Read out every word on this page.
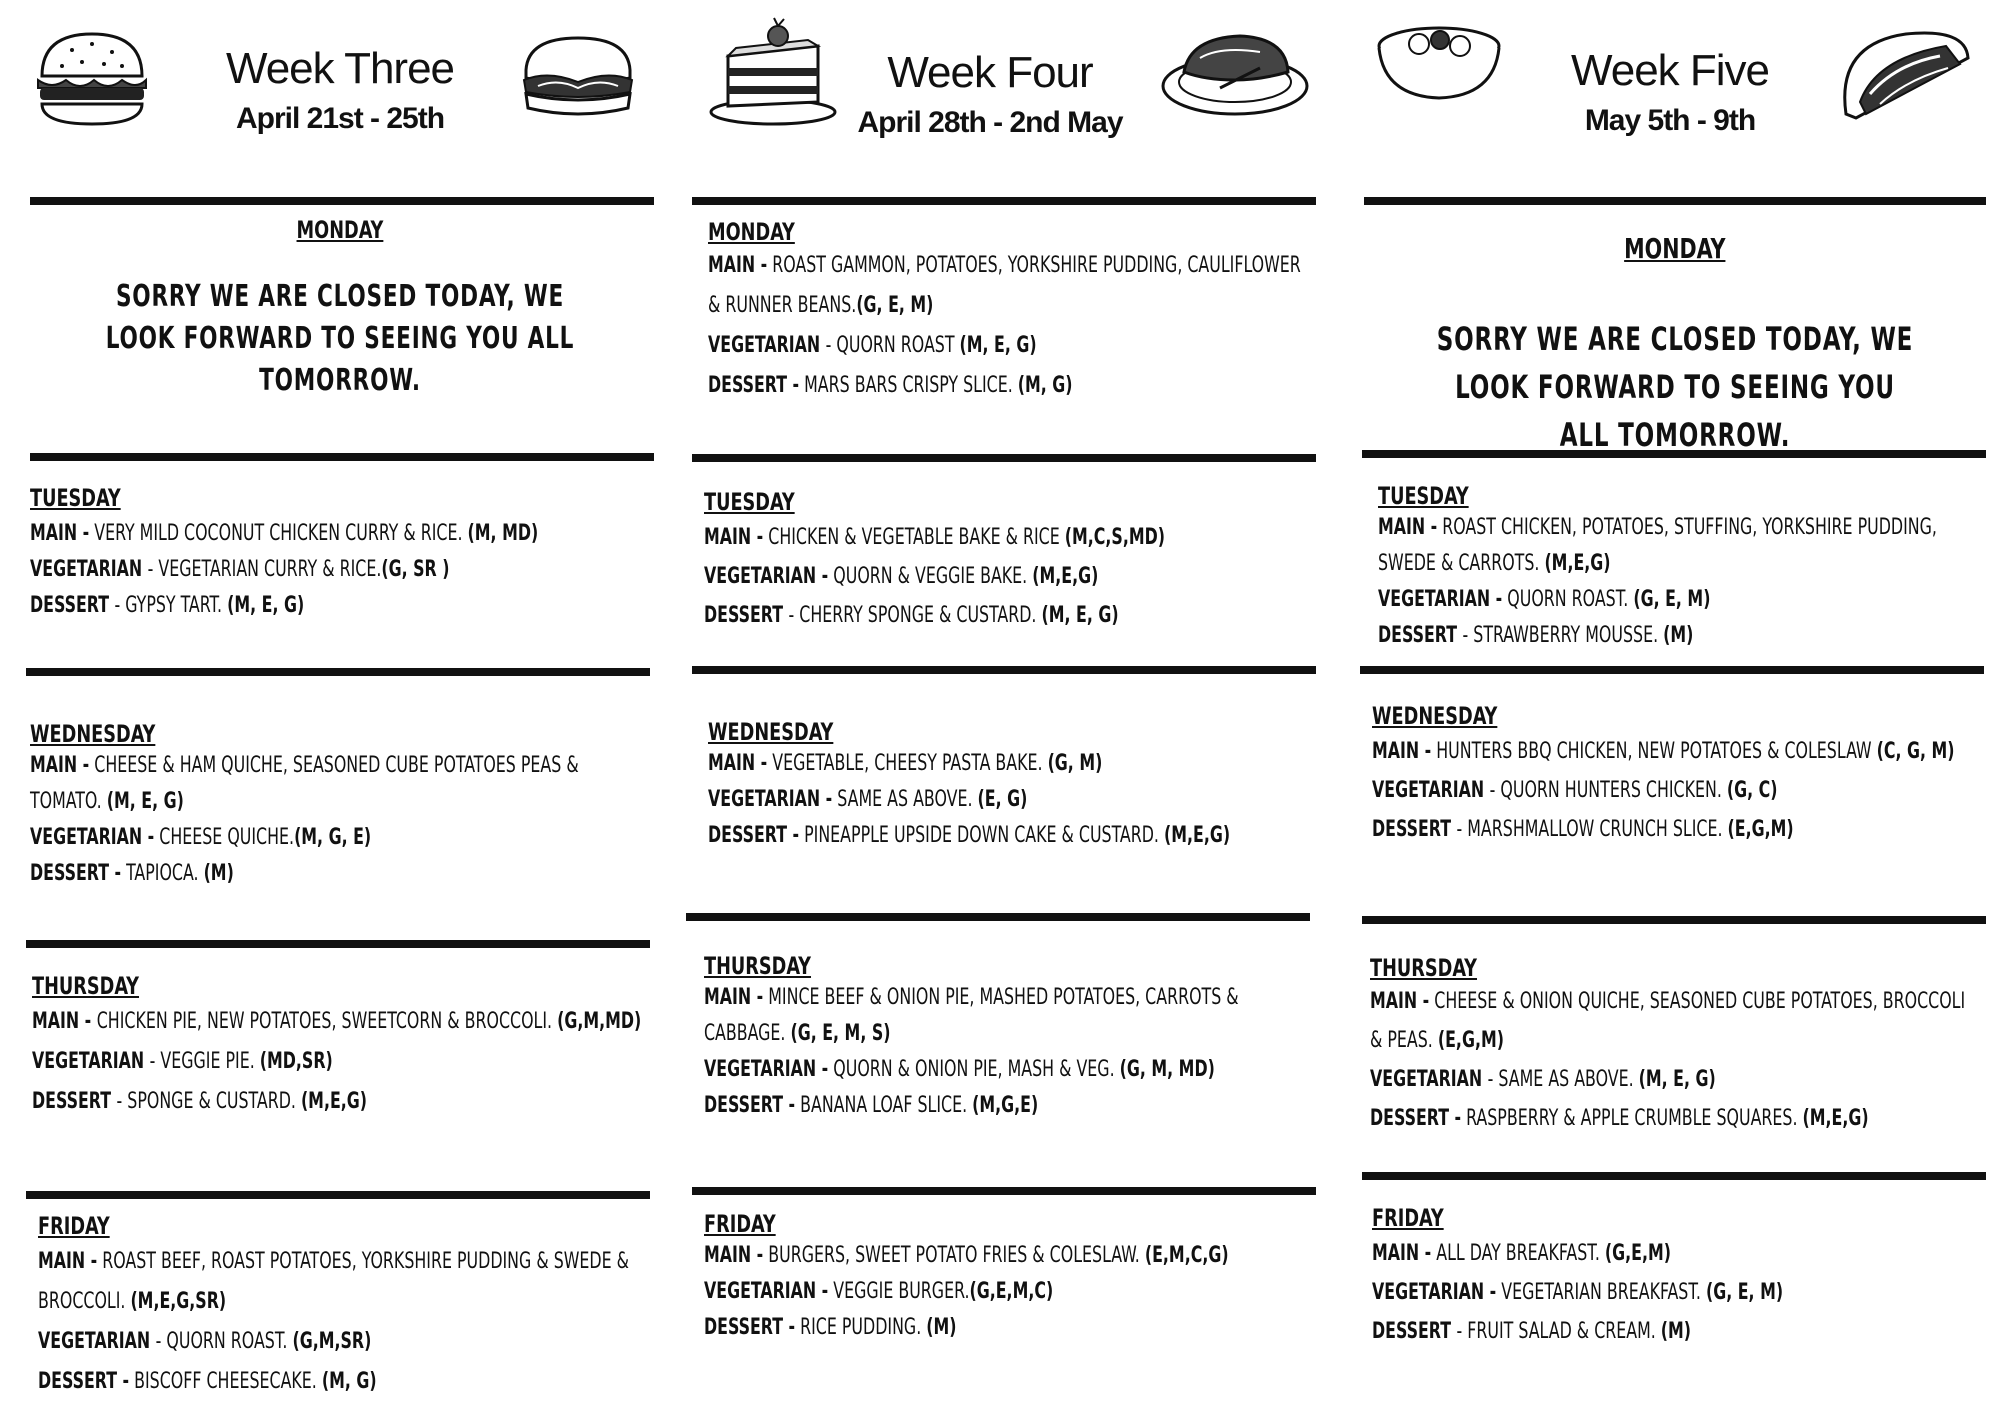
Week Three
April 21st - 25th
Week Four
April 28th - 2nd May
Week Five
May 5th - 9th
MONDAY
SORRY WE ARE CLOSED TODAY, WE LOOK FORWARD TO SEEING YOU ALL TOMORROW.
TUESDAY
MAIN - VERY MILD COCONUT CHICKEN CURRY & RICE. (M, MD)
VEGETARIAN - VEGETARIAN CURRY & RICE.(G, SR )
DESSERT - GYPSY TART. (M, E, G)
WEDNESDAY
MAIN - CHEESE & HAM QUICHE, SEASONED CUBE POTATOES PEAS & TOMATO. (M, E, G)
VEGETARIAN - CHEESE QUICHE.(M, G, E)
DESSERT - TAPIOCA. (M)
THURSDAY
MAIN - CHICKEN PIE, NEW POTATOES, SWEETCORN & BROCCOLI. (G,M,MD)
VEGETARIAN - VEGGIE PIE. (MD,SR)
DESSERT - SPONGE & CUSTARD. (M,E,G)
FRIDAY
MAIN - ROAST BEEF, ROAST POTATOES, YORKSHIRE PUDDING & SWEDE & BROCCOLI. (M,E,G,SR)
VEGETARIAN - QUORN ROAST. (G,M,SR)
DESSERT - BISCOFF CHEESECAKE. (M, G)
MONDAY
MAIN - ROAST GAMMON, POTATOES, YORKSHIRE PUDDING, CAULIFLOWER & RUNNER BEANS.(G, E, M)
VEGETARIAN - QUORN ROAST (M, E, G)
DESSERT - MARS BARS CRISPY SLICE. (M, G)
TUESDAY
MAIN - CHICKEN & VEGETABLE BAKE & RICE (M,C,S,MD)
VEGETARIAN - QUORN & VEGGIE BAKE. (M,E,G)
DESSERT - CHERRY SPONGE & CUSTARD. (M, E, G)
WEDNESDAY
MAIN - VEGETABLE, CHEESY PASTA BAKE. (G, M)
VEGETARIAN - SAME AS ABOVE. (E, G)
DESSERT - PINEAPPLE UPSIDE DOWN CAKE & CUSTARD. (M,E,G)
THURSDAY
MAIN - MINCE BEEF & ONION PIE, MASHED POTATOES, CARROTS & CABBAGE. (G, E, M, S)
VEGETARIAN - QUORN & ONION PIE, MASH & VEG. (G, M, MD)
DESSERT - BANANA LOAF SLICE. (M,G,E)
FRIDAY
MAIN - BURGERS, SWEET POTATO FRIES & COLESLAW. (E,M,C,G)
VEGETARIAN - VEGGIE BURGER.(G,E,M,C)
DESSERT - RICE PUDDING. (M)
MONDAY
SORRY WE ARE CLOSED TODAY, WE LOOK FORWARD TO SEEING YOU ALL TOMORROW.
TUESDAY
MAIN - ROAST CHICKEN, POTATOES, STUFFING, YORKSHIRE PUDDING, SWEDE & CARROTS. (M,E,G)
VEGETARIAN - QUORN ROAST. (G, E, M)
DESSERT - STRAWBERRY MOUSSE. (M)
WEDNESDAY
MAIN - HUNTERS BBQ CHICKEN, NEW POTATOES & COLESLAW (C, G, M)
VEGETARIAN - QUORN HUNTERS CHICKEN. (G, C)
DESSERT - MARSHMALLOW CRUNCH SLICE. (E,G,M)
THURSDAY
MAIN - CHEESE & ONION QUICHE, SEASONED CUBE POTATOES, BROCCOLI & PEAS. (E,G,M)
VEGETARIAN - SAME AS ABOVE. (M, E, G)
DESSERT - RASPBERRY & APPLE CRUMBLE SQUARES. (M,E,G)
FRIDAY
MAIN - ALL DAY BREAKFAST. (G,E,M)
VEGETARIAN - VEGETARIAN BREAKFAST. (G, E, M)
DESSERT - FRUIT SALAD & CREAM. (M)
